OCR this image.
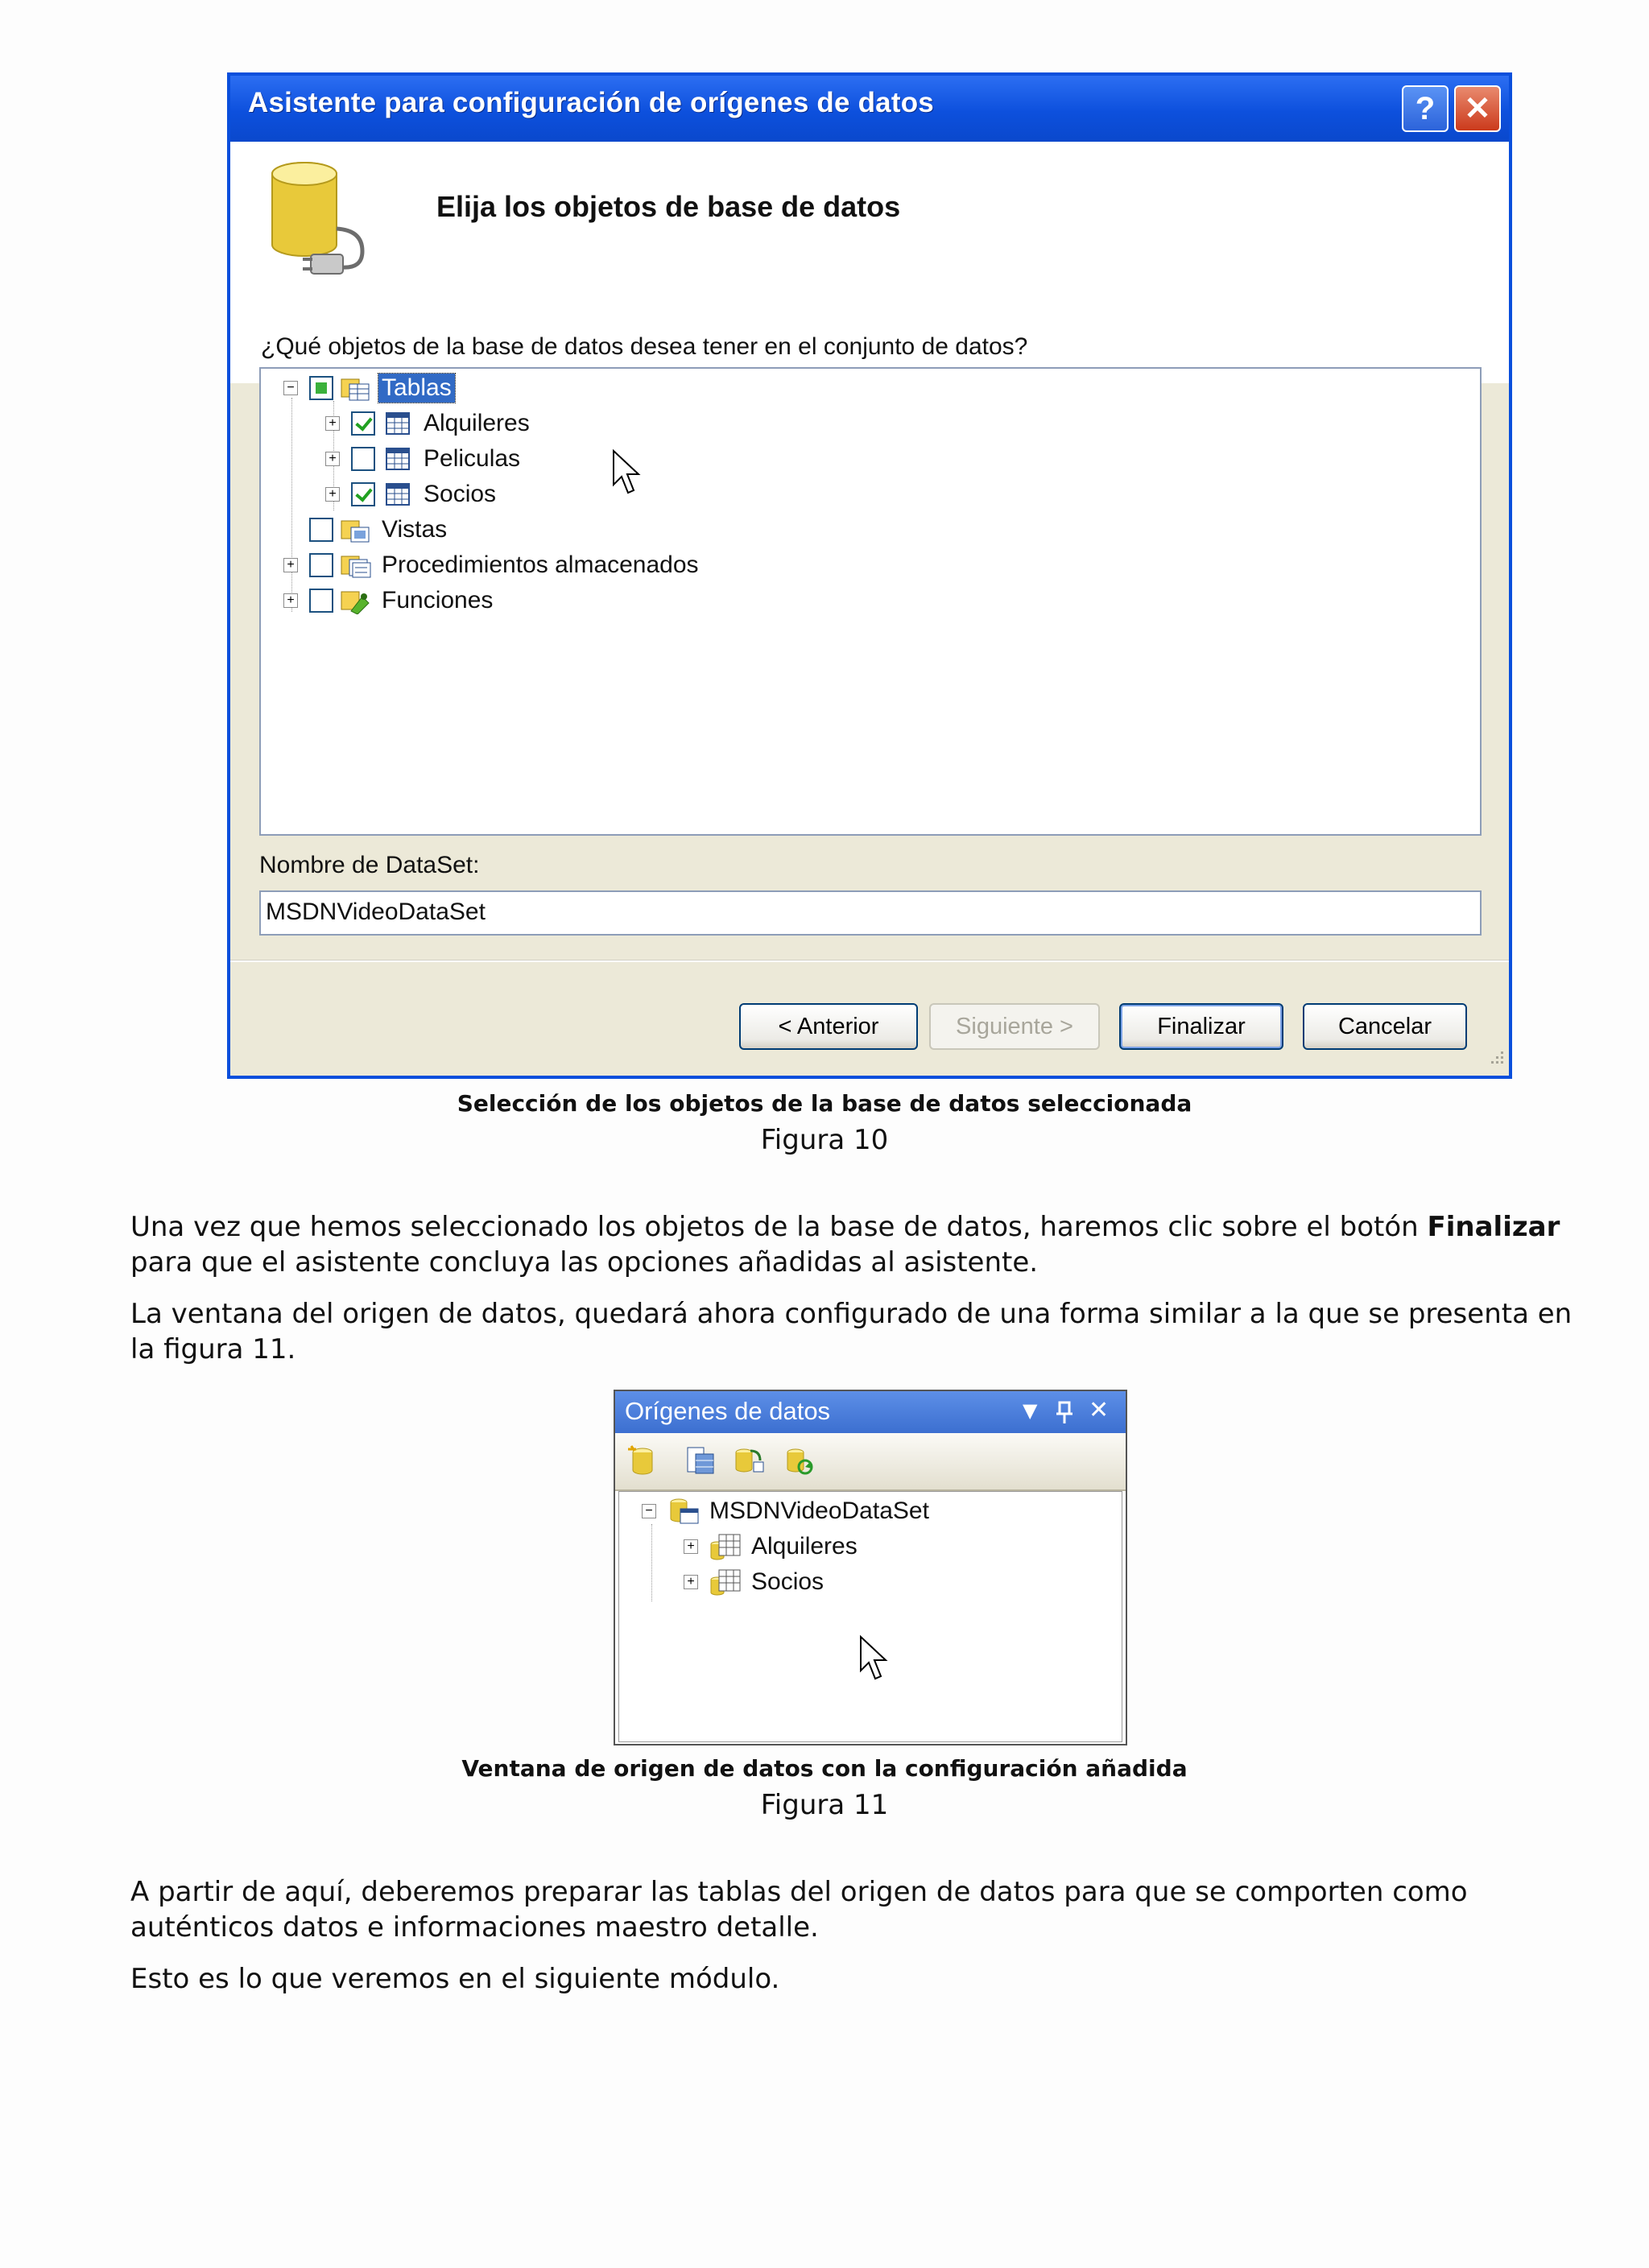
Asistente para configuración de orígenes de datos	? ✕
Elija los objetos de base de datos
¿Qué objetos de la base de datos desea tener en el conjunto de datos?
−	Tablas
+	Alquileres
+	Peliculas
+	Socios
Vistas
+	Procedimientos almacenados
+	Funciones
Nombre de DataSet:
MSDNVideoDataSet
< Anterior	Siguiente >	Finalizar	Cancelar
Selección de los objetos de la base de datos seleccionada
Figura 10
Una vez que hemos seleccionado los objetos de la base de datos, haremos clic sobre el botón Finalizar para que el asistente concluya las opciones añadidas al asistente.
La ventana del origen de datos, quedará ahora configurado de una forma similar a la que se presenta en la figura 11.
Orígenes de datos	▼ ✕
− MSDNVideoDataSet
+ Alquileres
+ Socios
Ventana de origen de datos con la configuración añadida
Figura 11
A partir de aquí, deberemos preparar las tablas del origen de datos para que se comporten como auténticos datos e informaciones maestro detalle.
Esto es lo que veremos en el siguiente módulo.
